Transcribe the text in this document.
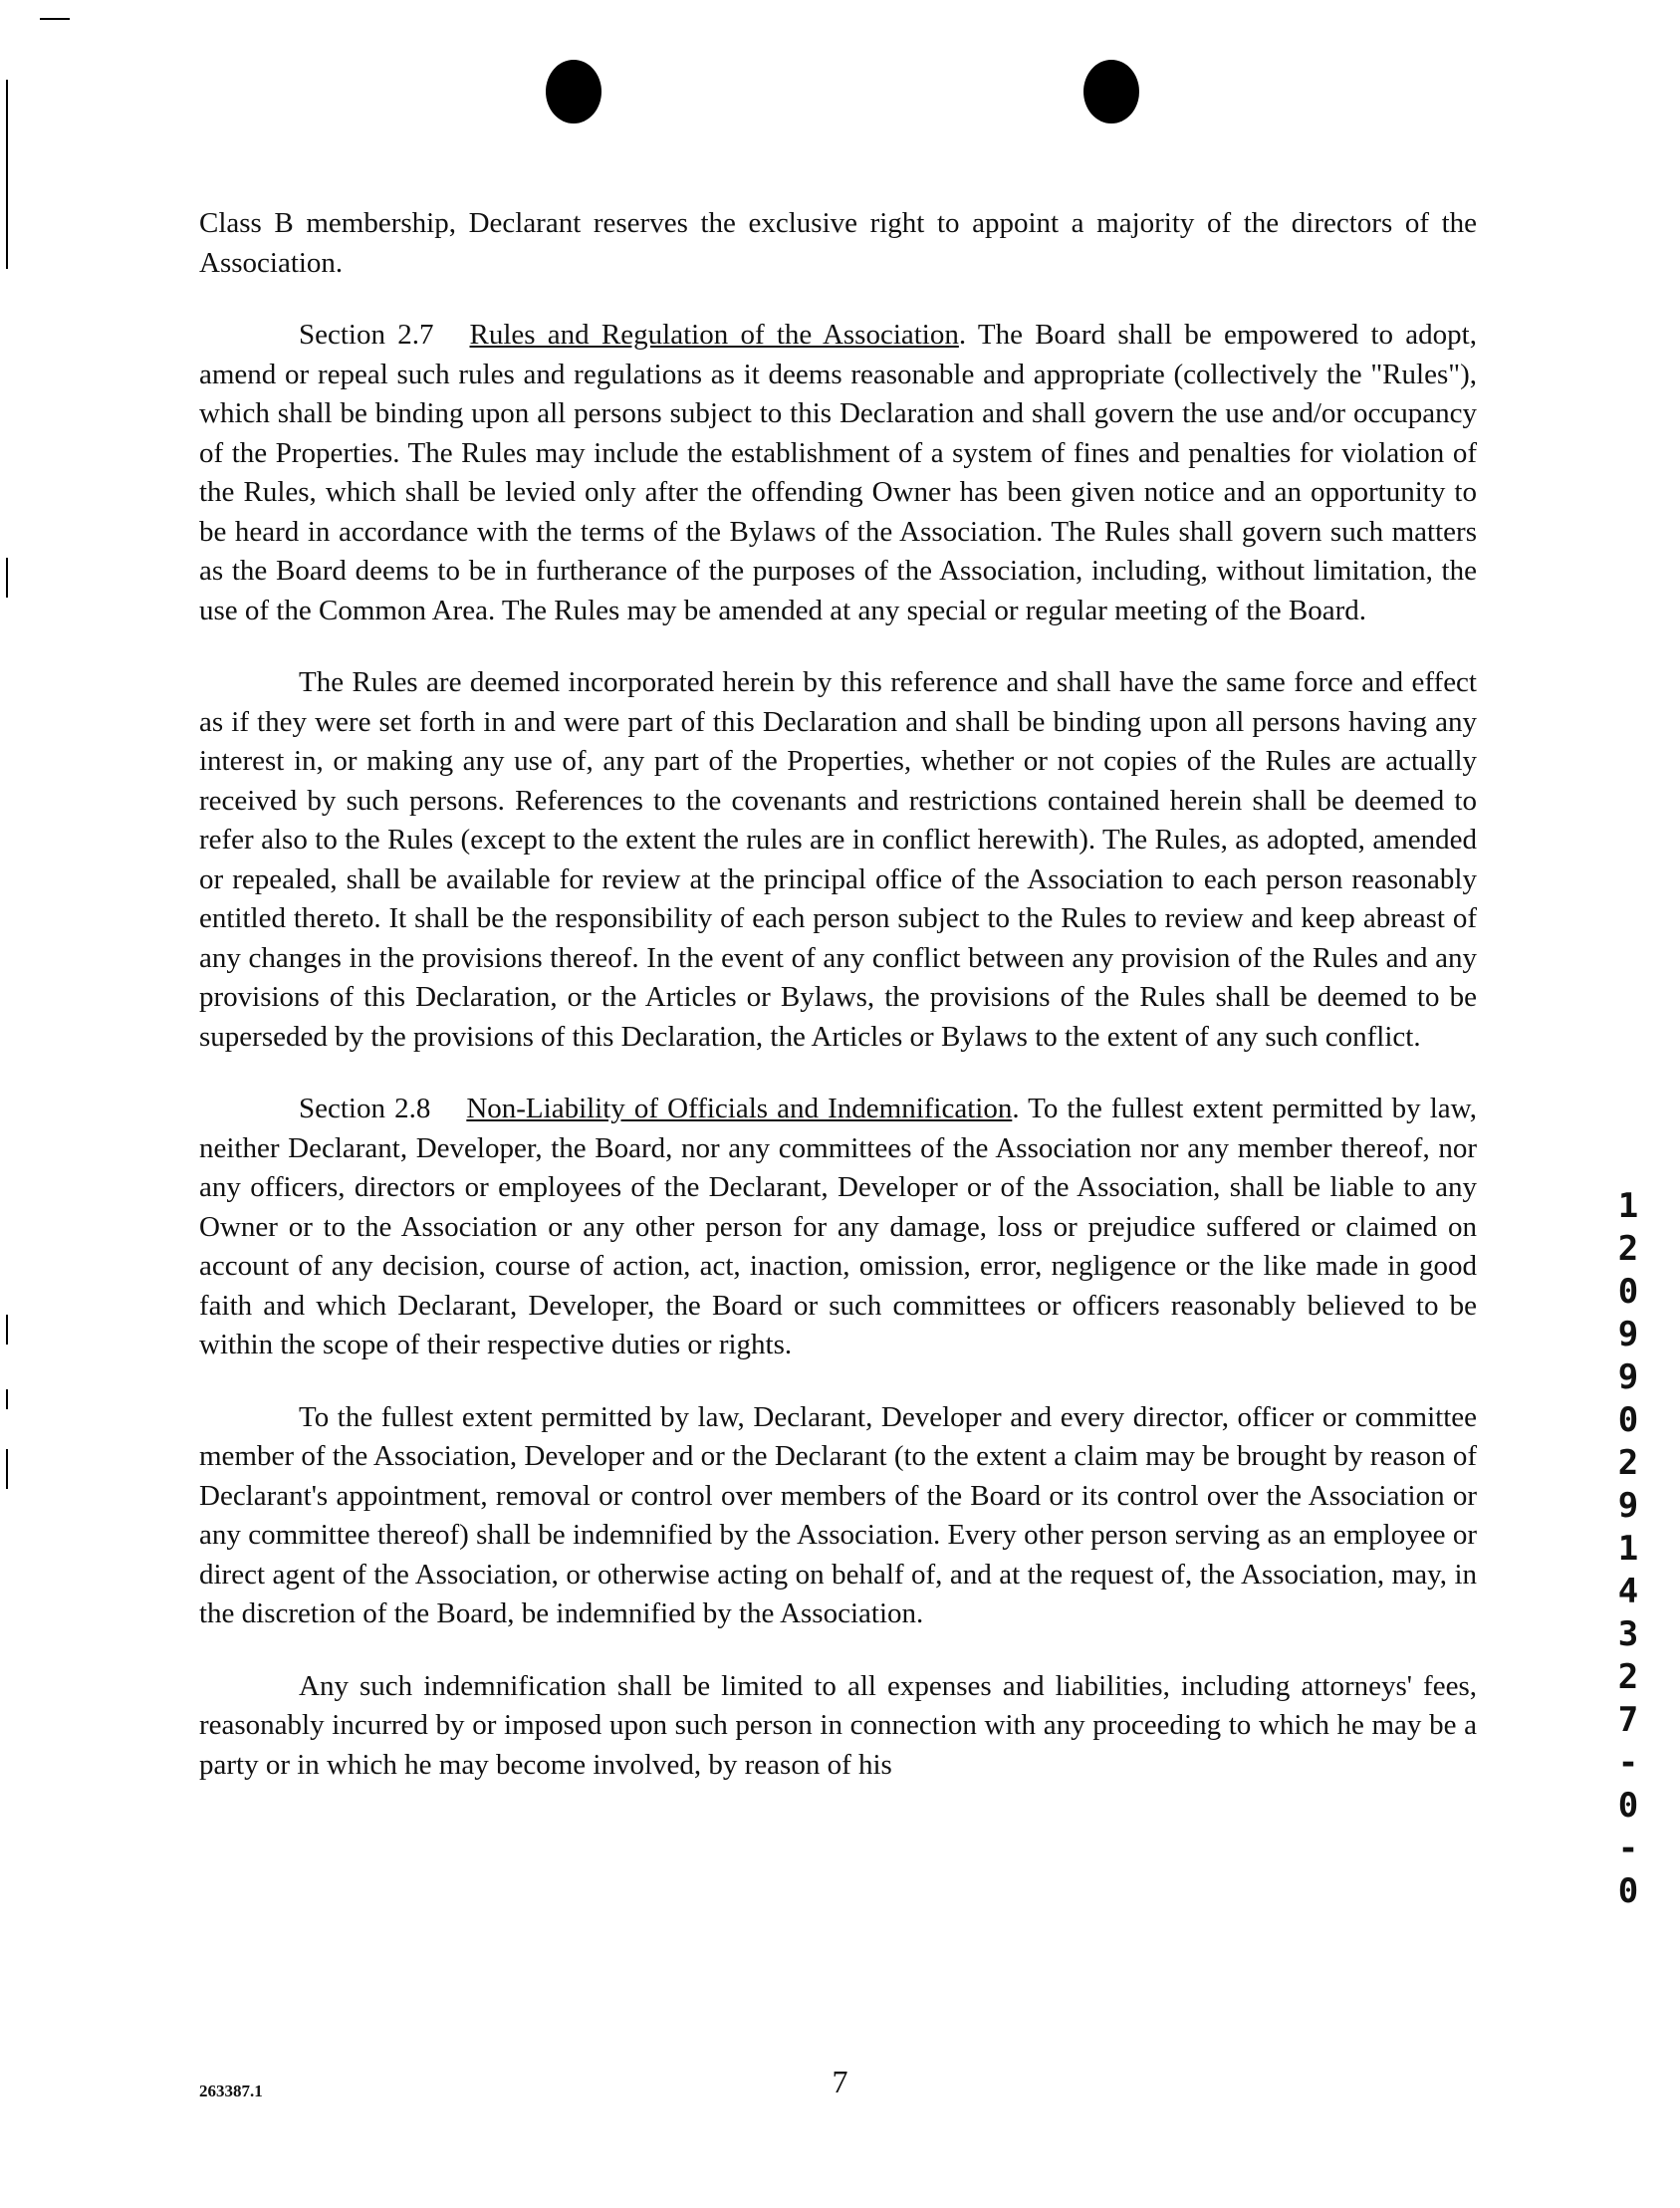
Class B membership, Declarant reserves the exclusive right to appoint a majority of the directors of the Association.

Section 2.7 Rules and Regulation of the Association. The Board shall be empowered to adopt, amend or repeal such rules and regulations as it deems reasonable and appropriate (collectively the "Rules"), which shall be binding upon all persons subject to this Declaration and shall govern the use and/or occupancy of the Properties. The Rules may include the establishment of a system of fines and penalties for violation of the Rules, which shall be levied only after the offending Owner has been given notice and an opportunity to be heard in accordance with the terms of the Bylaws of the Association. The Rules shall govern such matters as the Board deems to be in furtherance of the purposes of the Association, including, without limitation, the use of the Common Area. The Rules may be amended at any special or regular meeting of the Board.

The Rules are deemed incorporated herein by this reference and shall have the same force and effect as if they were set forth in and were part of this Declaration and shall be binding upon all persons having any interest in, or making any use of, any part of the Properties, whether or not copies of the Rules are actually received by such persons. References to the covenants and restrictions contained herein shall be deemed to refer also to the Rules (except to the extent the rules are in conflict herewith). The Rules, as adopted, amended or repealed, shall be available for review at the principal office of the Association to each person reasonably entitled thereto. It shall be the responsibility of each person subject to the Rules to review and keep abreast of any changes in the provisions thereof. In the event of any conflict between any provision of the Rules and any provisions of this Declaration, or the Articles or Bylaws, the provisions of the Rules shall be deemed to be superseded by the provisions of this Declaration, the Articles or Bylaws to the extent of any such conflict.

Section 2.8 Non-Liability of Officials and Indemnification. To the fullest extent permitted by law, neither Declarant, Developer, the Board, nor any committees of the Association nor any member thereof, nor any officers, directors or employees of the Declarant, Developer or of the Association, shall be liable to any Owner or to the Association or any other person for any damage, loss or prejudice suffered or claimed on account of any decision, course of action, act, inaction, omission, error, negligence or the like made in good faith and which Declarant, Developer, the Board or such committees or officers reasonably believed to be within the scope of their respective duties or rights.

To the fullest extent permitted by law, Declarant, Developer and every director, officer or committee member of the Association, Developer and or the Declarant (to the extent a claim may be brought by reason of Declarant's appointment, removal or control over members of the Board or its control over the Association or any committee thereof) shall be indemnified by the Association. Every other person serving as an employee or direct agent of the Association, or otherwise acting on behalf of, and at the request of, the Association, may, in the discretion of the Board, be indemnified by the Association.

Any such indemnification shall be limited to all expenses and liabilities, including attorneys' fees, reasonably incurred by or imposed upon such person in connection with any proceeding to which he may be a party or in which he may become involved, by reason of his

1209902914327-0-0
7
263387.1
